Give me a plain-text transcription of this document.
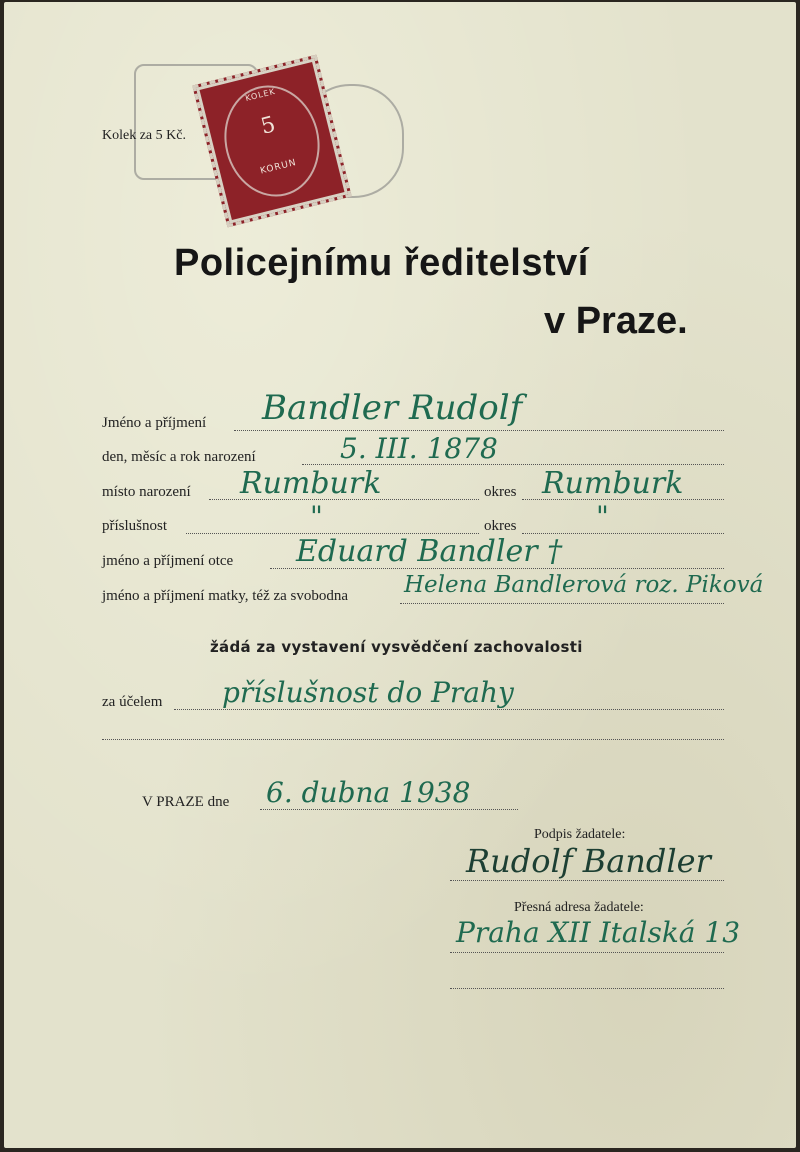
Kolek za 5 Kč.
KOLEK
5
KORUN
Policejnímu ředitelství
v Praze.
Jméno a příjmení Bandler Rudolf
den, měsíc a rok narození	5. III. 1878
místo narození Rumburk	okres Rumburk
příslušnost	"	okres	"
jméno a příjmení otce Eduard Bandler †
jméno a příjmení matky, též za svobodna Helena Bandlerová roz. Piková
žádá za vystavení vysvědčení zachovalosti
za účelem příslušnost do Prahy
V PRAZE dne 6. dubna 1938
Podpis žadatele:
Rudolf Bandler
Přesná adresa žadatele:
Praha XII Italská 13
